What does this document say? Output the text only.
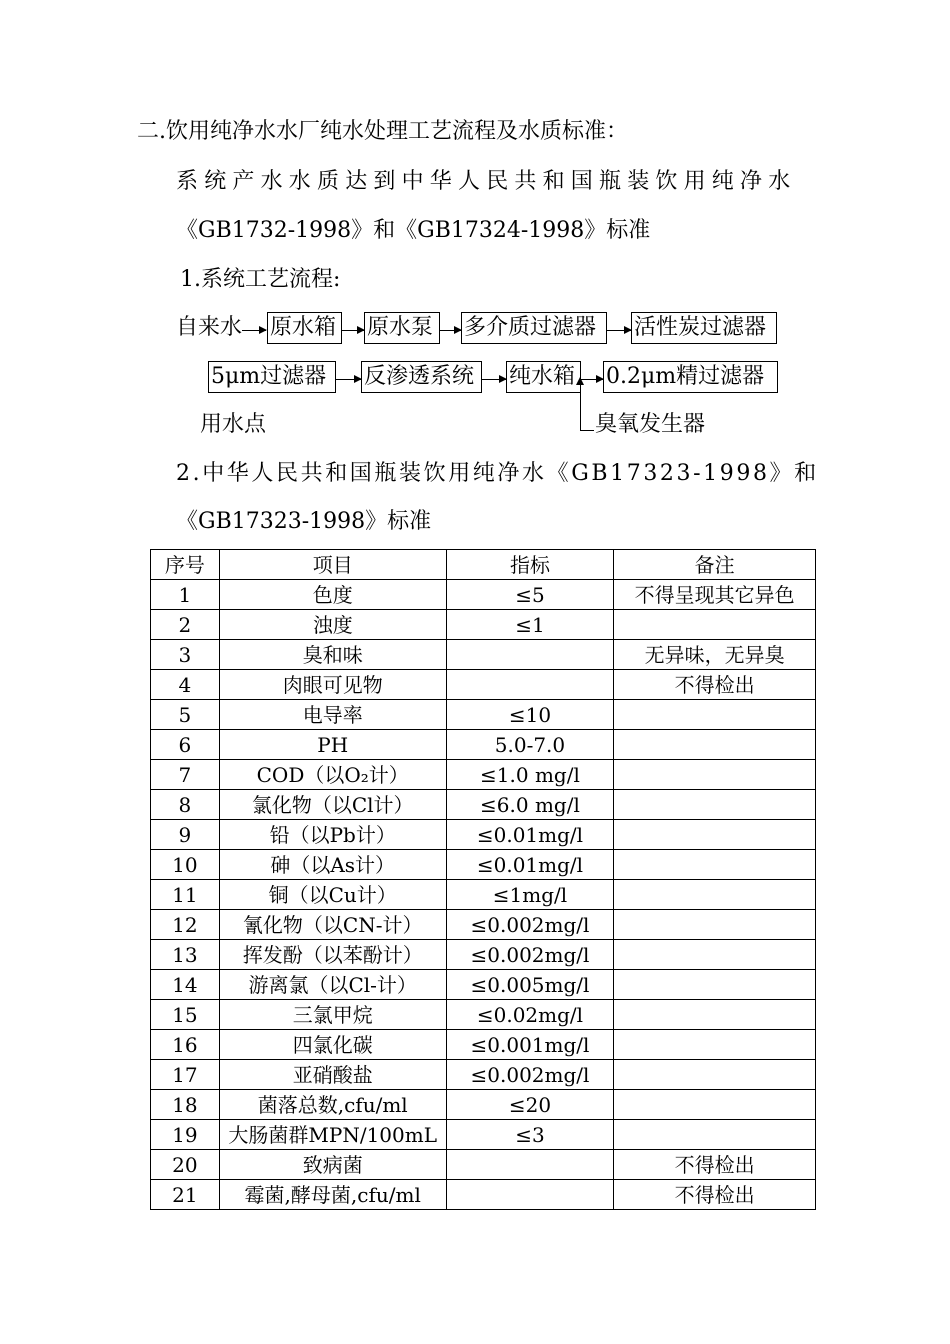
二.饮用纯净水水厂纯水处理工艺流程及水质标准：
系统产水水质达到中华人民共和国瓶装饮用纯净水
《GB1732-1998》和《GB17324-1998》标准
1.系统工艺流程:
自来水 原水箱 原水泵	多介质过滤器	活性炭过滤器
5μm过滤器	反渗透系统	纯水箱 0.2μm精过滤器
臭氧发生器
用水点
2.中华人民共和国瓶装饮用纯净水《GB17323-1998》和
《GB17323-1998》标准
序号	项目	指标	备注
1	色度	≤5	不得呈现其它异色
2	浊度	≤1	
3	臭和味		无异味，无异臭
4	肉眼可见物		不得检出
5	电导率	≤10	
6	PH	5.0-7.0	
7	COD（以O₂计）	≤1.0 mg/l	
8	氯化物（以Cl计）	≤6.0 mg/l	
9	铅（以Pb计）	≤0.01mg/l	
10	砷（以As计）	≤0.01mg/l	
11	铜（以Cu计）	≤1mg/l	
12	氰化物（以CN-计）	≤0.002mg/l	
13	挥发酚（以苯酚计）	≤0.002mg/l	
14	游离氯（以Cl-计）	≤0.005mg/l	
15	三氯甲烷	≤0.02mg/l	
16	四氯化碳	≤0.001mg/l	
17	亚硝酸盐	≤0.002mg/l	
18	菌落总数,cfu/ml	≤20	
19	大肠菌群MPN/100mL	≤3	
20	致病菌		不得检出
21	霉菌,酵母菌,cfu/ml		不得检出
